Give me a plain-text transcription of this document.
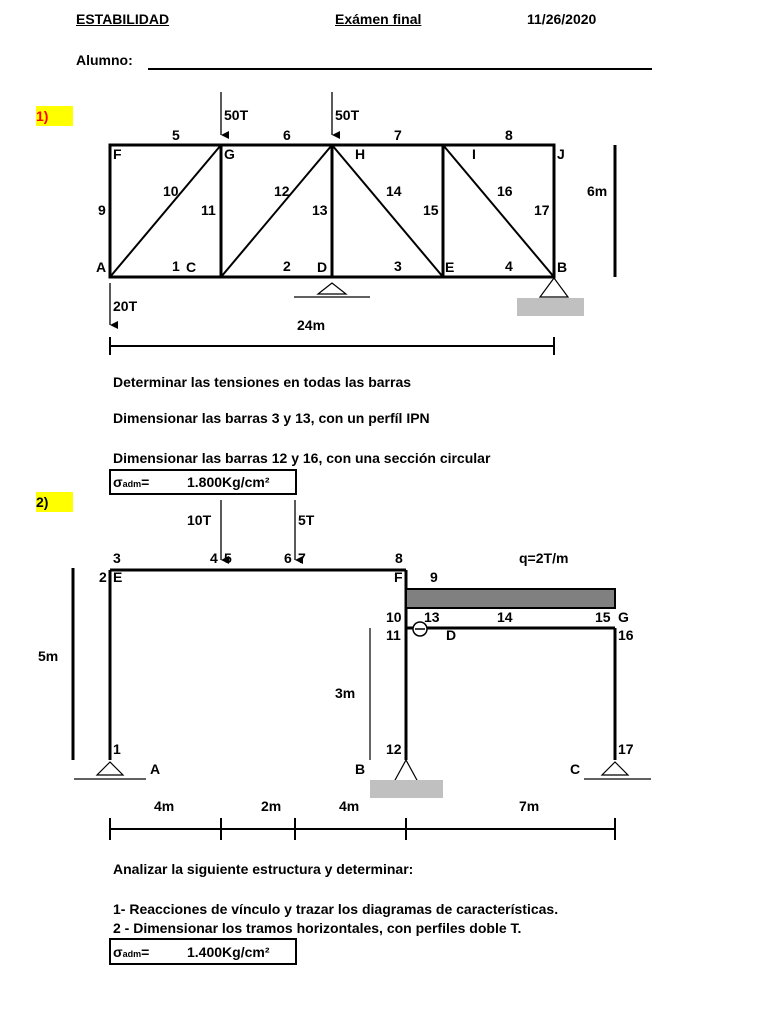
ESTABILIDAD	Exámen final	11/26/2020
Alumno:
50T	50T
20T
24m
6m
1	2	3	4
5	6	7	8
9
10
11
12
13
14
15
16
17
A	B
C	D	E
F	G	H	I	J
10T	5T
q=2T/m
1
2
3	4 5	6 7	8
9
10
11
12
13	14	15
16
17
A	B	C
D
E	F
G
4m	2m	4m	7m
5m
3m
1)
Determinar las tensiones en todas las barras
Dimensionar las barras 3 y 13, con un perfíl IPN
Dimensionar las barras 12 y 16, con una sección circular
σadm=	1.800Kg/cm²
2)
Analizar la siguiente estructura y determinar:
1- Reacciones de vínculo y trazar los diagramas de características.
2 - Dimensionar los tramos horizontales, con perfiles doble T.
σadm=	1.400Kg/cm²
